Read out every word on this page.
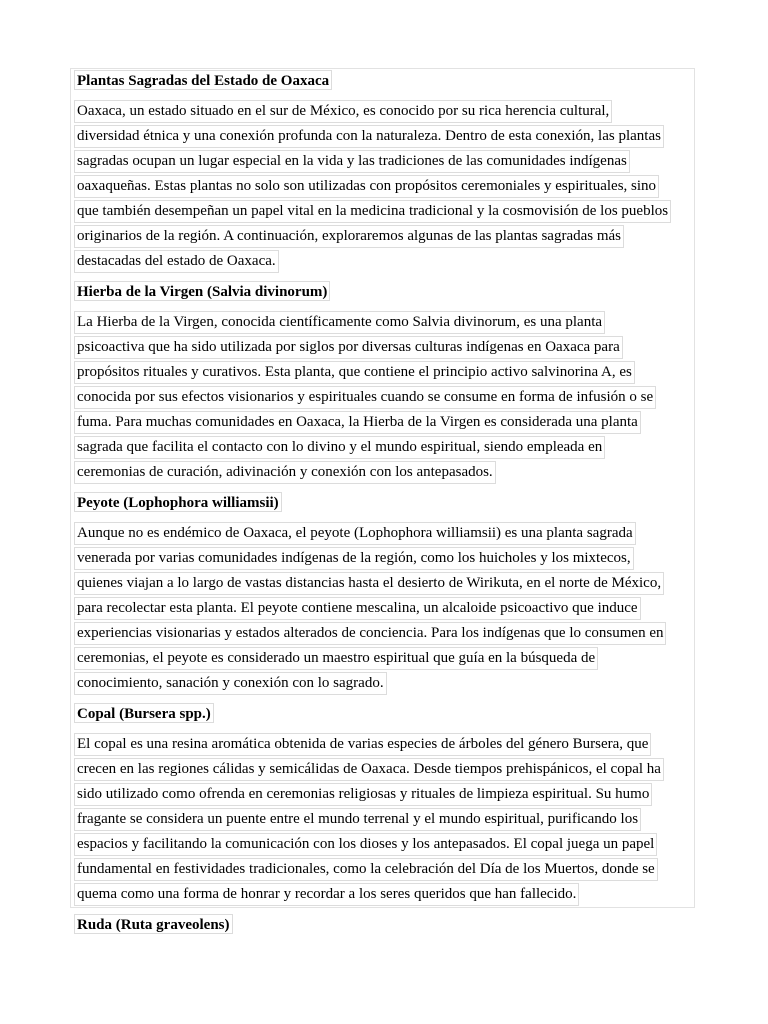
Plantas Sagradas del Estado de Oaxaca
Oaxaca, un estado situado en el sur de México, es conocido por su rica herencia cultural,
diversidad étnica y una conexión profunda con la naturaleza. Dentro de esta conexión, las plantas
sagradas ocupan un lugar especial en la vida y las tradiciones de las comunidades indígenas
oaxaqueñas. Estas plantas no solo son utilizadas con propósitos ceremoniales y espirituales, sino
que también desempeñan un papel vital en la medicina tradicional y la cosmovisión de los pueblos
originarios de la región. A continuación, exploraremos algunas de las plantas sagradas más
destacadas del estado de Oaxaca.
Hierba de la Virgen (Salvia divinorum)
La Hierba de la Virgen, conocida científicamente como Salvia divinorum, es una planta
psicoactiva que ha sido utilizada por siglos por diversas culturas indígenas en Oaxaca para
propósitos rituales y curativos. Esta planta, que contiene el principio activo salvinorina A, es
conocida por sus efectos visionarios y espirituales cuando se consume en forma de infusión o se
fuma. Para muchas comunidades en Oaxaca, la Hierba de la Virgen es considerada una planta
sagrada que facilita el contacto con lo divino y el mundo espiritual, siendo empleada en
ceremonias de curación, adivinación y conexión con los antepasados.
Peyote (Lophophora williamsii)
Aunque no es endémico de Oaxaca, el peyote (Lophophora williamsii) es una planta sagrada
venerada por varias comunidades indígenas de la región, como los huicholes y los mixtecos,
quienes viajan a lo largo de vastas distancias hasta el desierto de Wirikuta, en el norte de México,
para recolectar esta planta. El peyote contiene mescalina, un alcaloide psicoactivo que induce
experiencias visionarias y estados alterados de conciencia. Para los indígenas que lo consumen en
ceremonias, el peyote es considerado un maestro espiritual que guía en la búsqueda de
conocimiento, sanación y conexión con lo sagrado.
Copal (Bursera spp.)
El copal es una resina aromática obtenida de varias especies de árboles del género Bursera, que
crecen en las regiones cálidas y semicálidas de Oaxaca. Desde tiempos prehispánicos, el copal ha
sido utilizado como ofrenda en ceremonias religiosas y rituales de limpieza espiritual. Su humo
fragante se considera un puente entre el mundo terrenal y el mundo espiritual, purificando los
espacios y facilitando la comunicación con los dioses y los antepasados. El copal juega un papel
fundamental en festividades tradicionales, como la celebración del Día de los Muertos, donde se
quema como una forma de honrar y recordar a los seres queridos que han fallecido.
Ruda (Ruta graveolens)
